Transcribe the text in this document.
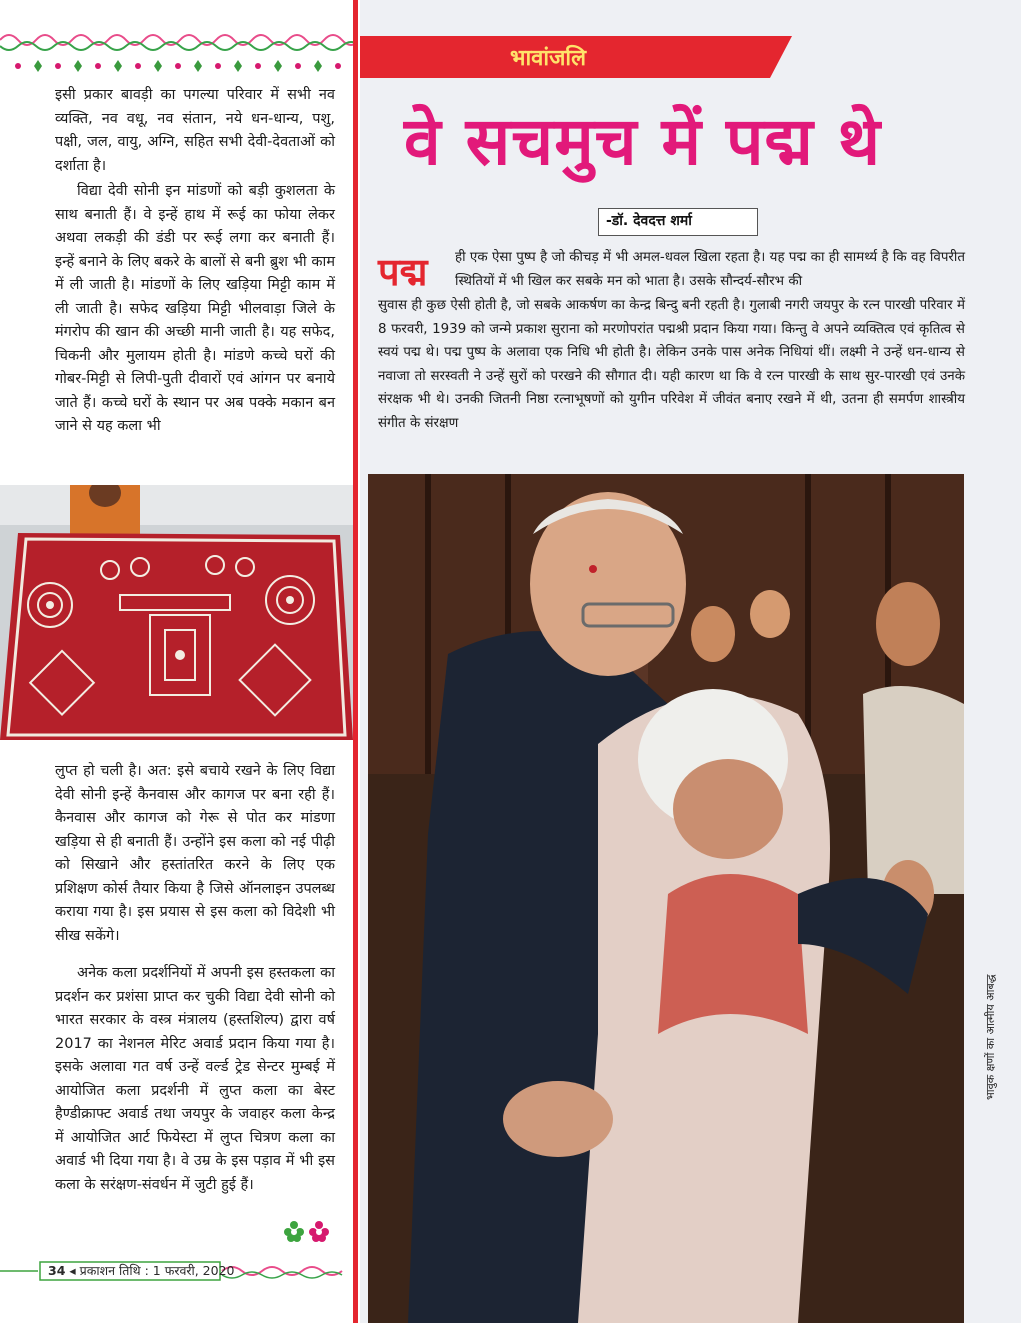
इसी प्रकार बावड़ी का पगल्या परिवार में सभी नव व्यक्ति, नव वधू, नव संतान, नये धन-धान्य, पशु, पक्षी, जल, वायु, अग्नि, सहित सभी देवी-देवताओं को दर्शाता है।

विद्या देवी सोनी इन मांडणों को बड़ी कुशलता के साथ बनाती हैं। वे इन्हें हाथ में रूई का फोया लेकर अथवा लकड़ी की डंडी पर रूई लगा कर बनाती हैं। इन्हें बनाने के लिए बकरे के बालों से बनी ब्रुश भी काम में ली जाती है। मांडणों के लिए खड़िया मिट्टी काम में ली जाती है। सफेद खड़िया मिट्टी भीलवाड़ा जिले के मंगरोप की खान की अच्छी मानी जाती है। यह सफेद, चिकनी और मुलायम होती है। मांडणे कच्चे घरों की गोबर-मिट्टी से लिपी-पुती दीवारों एवं आंगन पर बनाये जाते हैं। कच्चे घरों के स्थान पर अब पक्के मकान बन जाने से यह कला भी

लुप्त हो चली है। अत: इसे बचाये रखने के लिए विद्या देवी सोनी इन्हें कैनवास और कागज पर बना रही हैं। कैनवास और कागज को गेरू से पोत कर मांडणा खड़िया से ही बनाती हैं। उन्होंने इस कला को नई पीढ़ी को सिखाने और हस्तांतरित करने के लिए एक प्रशिक्षण कोर्स तैयार किया है जिसे ऑनलाइन उपलब्ध कराया गया है। इस प्रयास से इस कला को विदेशी भी सीख सकेंगे।

अनेक कला प्रदर्शनियों में अपनी इस हस्तकला का प्रदर्शन कर प्रशंसा प्राप्त कर चुकी विद्या देवी सोनी को भारत सरकार के वस्त्र मंत्रालय (हस्तशिल्प) द्वारा वर्ष 2017 का नेशनल मेरिट अवार्ड प्रदान किया गया है। इसके अलावा गत वर्ष उन्हें वर्ल्ड ट्रेड सेन्टर मुम्बई में आयोजित कला प्रदर्शनी में लुप्त कला का बेस्ट हैण्डीक्राफ्ट अवार्ड तथा जयपुर के जवाहर कला केन्द्र में आयोजित आर्ट फियेस्टा में लुप्त चित्रण कला का अवार्ड भी दिया गया है। वे उम्र के इस पड़ाव में भी इस कला के सरंक्षण-संवर्धन में जुटी हुई हैं।

34 ◂ प्रकाशन तिथि : 1 फरवरी, 2020
भावांजलि
वे सचमुच में पद्म थे
-डॉ. देवदत्त शर्मा
पद्म ही एक ऐसा पुष्प है जो कीचड़ में भी अमल-धवल खिला रहता है। यह पद्म का ही सामर्थ्य है कि वह विपरीत स्थितियों में भी खिल कर सबके मन को भाता है। उसके सौन्दर्य-सौरभ की

सुवास ही कुछ ऐसी होती है, जो सबके आकर्षण का केन्द्र बिन्दु बनी रहती है। गुलाबी नगरी जयपुर के रत्न पारखी परिवार में 8 फरवरी, 1939 को जन्मे प्रकाश सुराना को मरणोपरांत पद्मश्री प्रदान किया गया। किन्तु वे अपने व्यक्तित्व एवं कृतित्व से स्वयं पद्म थे। पद्म पुष्प के अलावा एक निधि भी होती है। लेकिन उनके पास अनेक निधियां थीं। लक्ष्मी ने उन्हें धन-धान्य से नवाजा तो सरस्वती ने उन्हें सुरों को परखने की सौगात दी। यही कारण था कि वे रत्न पारखी के साथ सुर-पारखी एवं उनके संरक्षक भी थे। उनकी जितनी निष्ठा रत्नाभूषणों को युगीन परिवेश में जीवंत बनाए रखने में थी, उतना ही समर्पण शास्त्रीय संगीत के संरक्षण

भावुक क्षणों का आत्मीय आबद्ध
